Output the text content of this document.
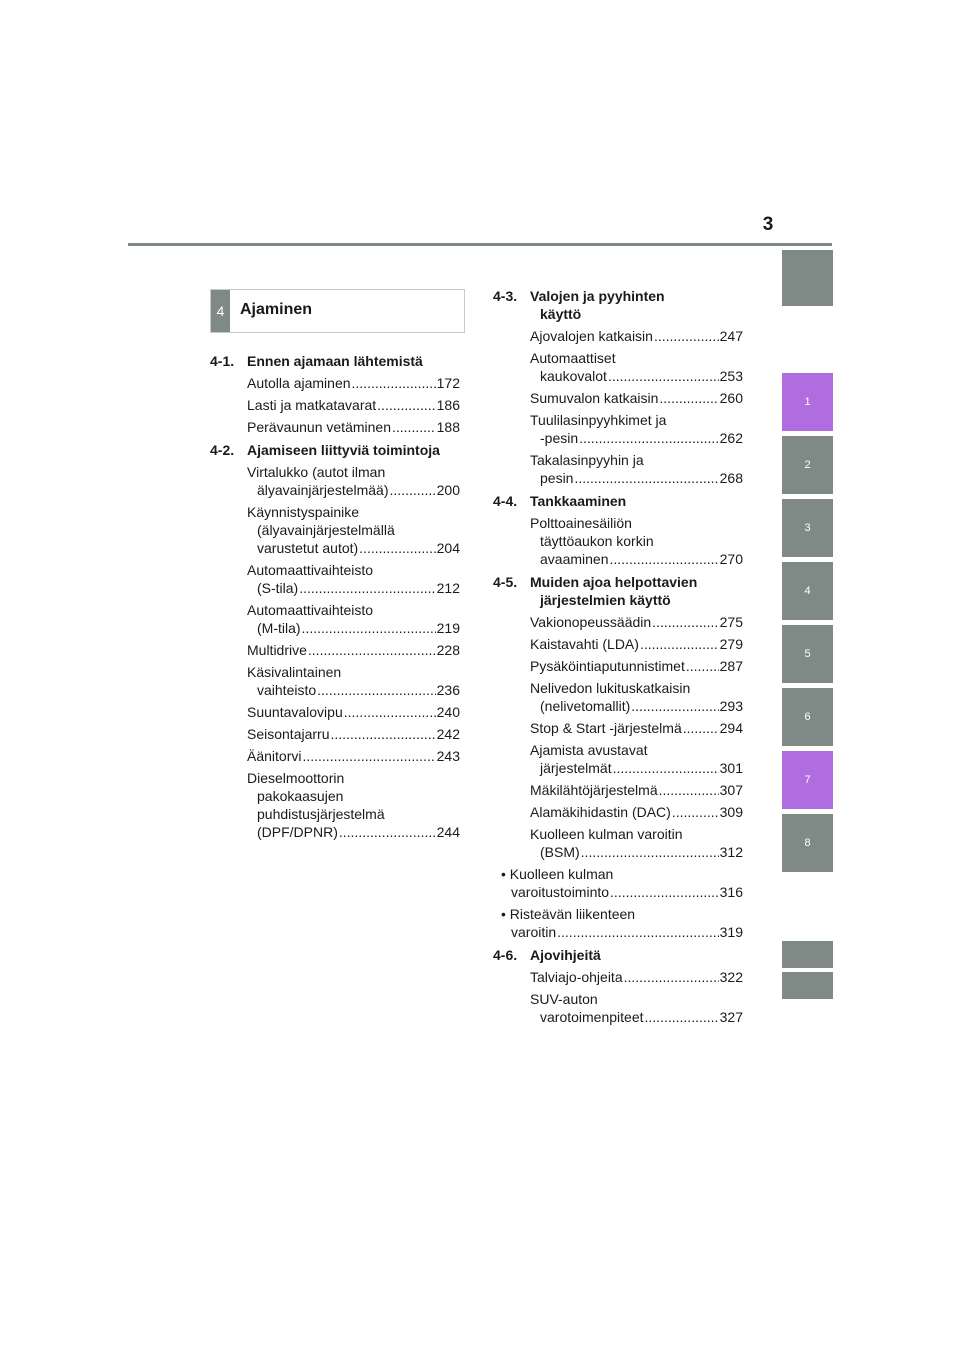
3
1
2
3
4
5
6
7
8
4 Ajaminen
4-1. Ennen ajamaan lähtemistä
Autolla ajaminen .....	172
Lasti ja matkatavarat .....	186
Perävaunun vetäminen .....	188
4-2. Ajamiseen liittyviä toimintoja
Virtalukko (autot ilman
älyavainjärjestelmää) .....	200
Käynnistyspainike
(älyavainjärjestelmällä
varustetut autot) .....	204
Automaattivaihteisto
(S-tila) .....	212
Automaattivaihteisto
(M-tila) .....	219
Multidrive .....	228
Käsivalintainen
vaihteisto .....	236
Suuntavalovipu .....	240
Seisontajarru .....	242
Äänitorvi .....	243
Dieselmoottorin
pakokaasujen
puhdistusjärjestelmä
(DPF/DPNR) .....	244
4-3. Valojen ja pyyhinten
käyttö
Ajovalojen katkaisin .....	247
Automaattiset
kaukovalot .....	253
Sumuvalon katkaisin .....	260
Tuulilasinpyyhkimet ja
-pesin .....	262
Takalasinpyyhin ja
pesin .....	268
4-4. Tankkaaminen
Polttoainesäiliön
täyttöaukon korkin
avaaminen .....	270
4-5. Muiden ajoa helpottavien
järjestelmien käyttö
Vakionopeussäädin .....	275
Kaistavahti (LDA) .....	279
Pysäköintiaputunnistimet ..... 287
Nelivedon lukituskatkaisin
(nelivetomallit) .....	293
Stop & Start -järjestelmä .....	294
Ajamista avustavat
järjestelmät .....	301
Mäkilähtöjärjestelmä .....	307
Alamäkihidastin (DAC) .....	309
Kuolleen kulman varoitin
(BSM) .....	312
• Kuolleen kulman
varoitustoiminto .....	316
• Risteävän liikenteen
varoitin .....	319
4-6. Ajovihjeitä
Talviajo-ohjeita .....	322
SUV-auton
varotoimenpiteet .....	327
